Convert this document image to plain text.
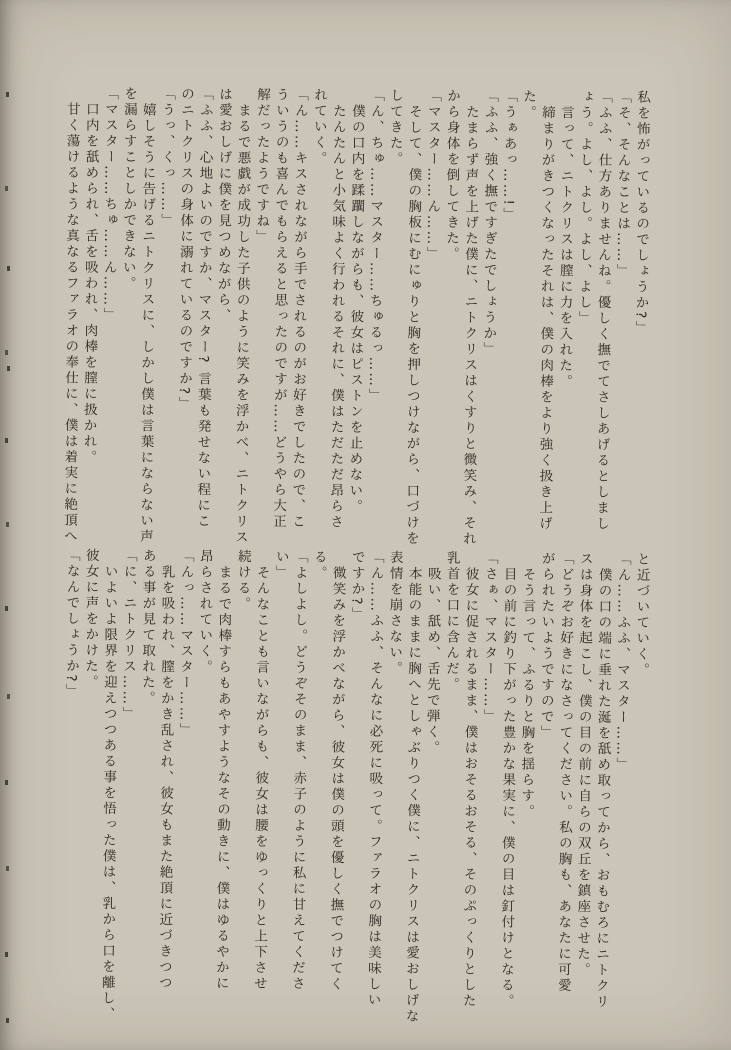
私を怖がっているのでしょうか?」

「そ、そんなことは……」

「ふふ、仕方ありませんね。優しく撫でてさしあげるとしまし

ょう。よし、よし。よし、よし」

言って、ニトクリスは膣に力を入れた。

締まりがきつくなったそれは、僕の肉棒をより強く扱き上げ

た。

「うぁあっ……!」

「ふふ、強く撫ですぎたでしょうか」

たまらず声を上げた僕に、ニトクリスはくすりと微笑み、それ

から身体を倒してきた。

「マスター……ん……」

そして、僕の胸板にむにゅりと胸を押しつけながら、口づけを

してきた。

「ん、ちゅ……マスター……ちゅるっ……」

僕の口内を蹂躙しながらも、彼女はピストンを止めない。

たんたんと小気味よく行われるそれに、僕はただただ昂らさ

れていく。

「ん……キスされながら手でされるのがお好きでしたので、こ

ういうのも喜んでもらえると思ったのですが……どうやら大正

解だったようですね」

まるで悪戯が成功した子供のように笑みを浮かべ、ニトクリス

は愛おしげに僕を見つめながら、

「ふふ、心地よいのですか、マスター? 言葉も発せない程にこ

のニトクリスの身体に溺れているのですか?」

「うっ、くっ……」

嬉しそうに告げるニトクリスに、しかし僕は言葉にならない声

を漏らすことしかできない。

「マスター……ちゅ……ん……」

口内を舐められ、舌を吸われ、肉棒を膣に扱かれ。

甘く蕩けるような真なるファラオの奉仕に、僕は着実に絶頂へ

と近づいていく。

「ん……ふふ、マスター……」

僕の口の端に垂れた涎を舐め取ってから、おもむろにニトクリ

スは身体を起こし、僕の目の前に自らの双丘を鎮座させた。

「どうぞお好きになさってください。私の胸も、あなたに可愛

がられたいようですので」

そう言って、ふるりと胸を揺らす。

目の前に釣り下がった豊かな果実に、僕の目は釘付けとなる。

「さぁ、マスター……」

彼女に促されるまま、僕はおそるおそる、そのぷっくりとした

乳首を口に含んだ。

吸い、舐め、舌先で弾く。

本能のままに胸へとしゃぶりつく僕に、ニトクリスは愛おしげな

表情を崩さない。

「ん……ふふ、そんなに必死に吸って。ファラオの胸は美味しい

ですか?」

微笑みを浮かべながら、彼女は僕の頭を優しく撫でつけてく

る。

「よしよし。どうぞそのまま、赤子のように私に甘えてくださ

い」

そんなことも言いながらも、彼女は腰をゆっくりと上下させ

続ける。

まるで肉棒すらもあやすようなその動きに、僕はゆるやかに

昂らされていく。

「んっ……マスター……」

乳を吸われ、膣をかき乱され、彼女もまた絶頂に近づきつつ

ある事が見て取れた。

「に、ニトクリス……」

いよいよ限界を迎えつつある事を悟った僕は、乳から口を離し、

彼女に声をかけた。

「なんでしょうか?」
